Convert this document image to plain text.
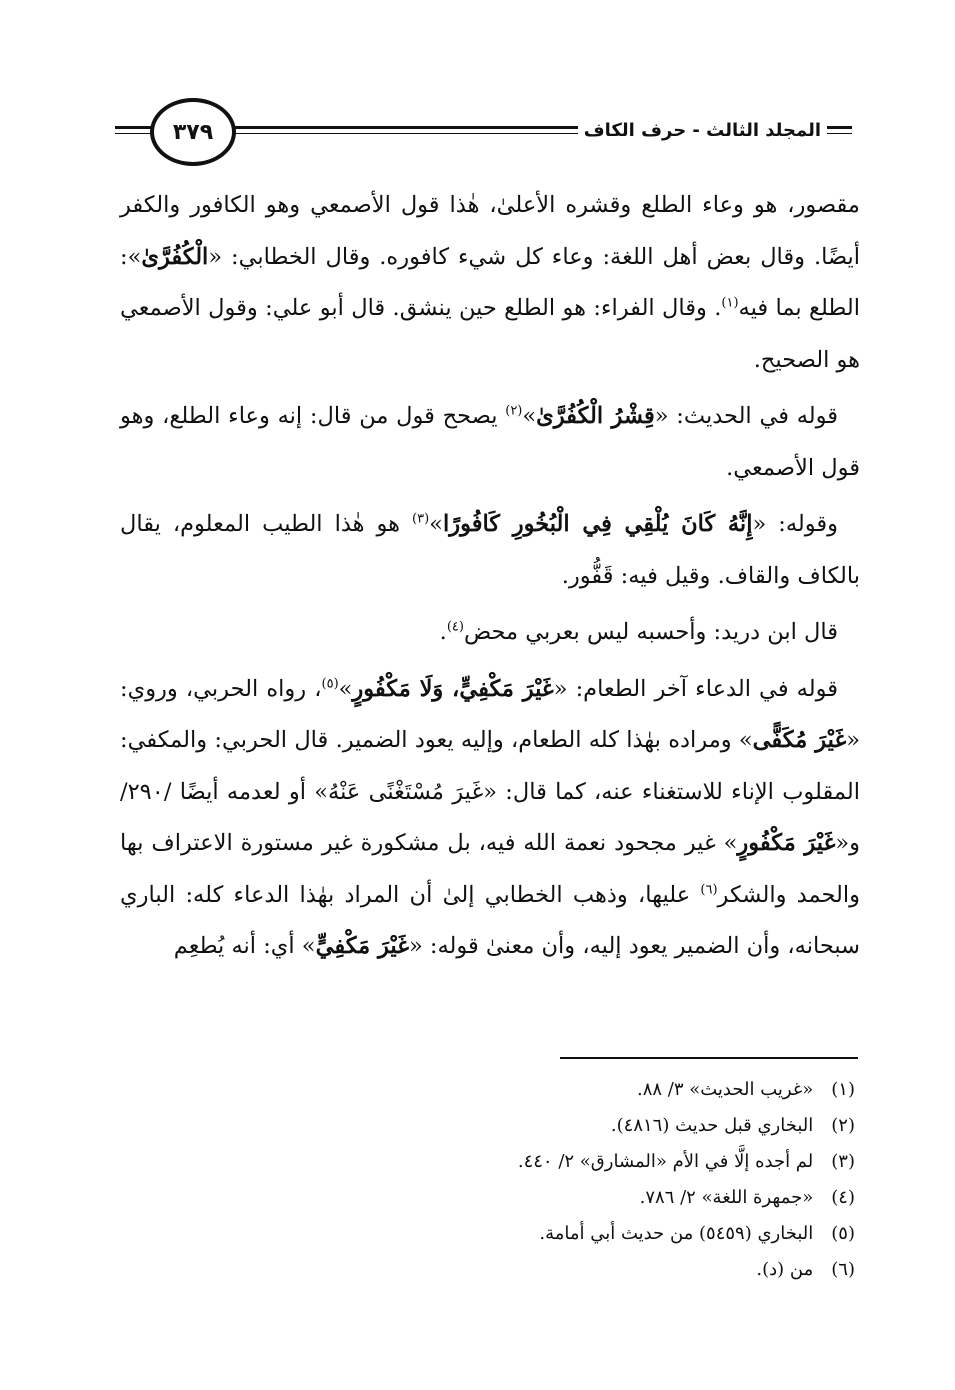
المجلد الثالث - حرف الكاف
٣٧٩

مقصور، هو وعاء الطلع وقشره الأعلىٰ، هٰذا قول الأصمعي وهو الكافور والكفر أيضًا. وقال بعض أهل اللغة: وعاء كل شيء كافوره. وقال الخطابي: «الْكُفُرَّىٰ»: الطلع بما فيه$^{(١)}$. وقال الفراء: هو الطلع حين ينشق. قال أبو علي: وقول الأصمعي هو الصحيح.

قوله في الحديث: «قِشْرُ الْكُفُرَّىٰ»$^{(٢)}$ يصحح قول من قال: إنه وعاء الطلع، وهو قول الأصمعي.

وقوله: «إِنَّهُ كَانَ يُلْقِي فِي الْبُخُورِ كَافُورًا»$^{(٣)}$ هو هٰذا الطيب المعلوم، يقال بالكاف والقاف. وقيل فيه: قَفُّور.

قال ابن دريد: وأحسبه ليس بعربي محض$^{(٤)}$.

قوله في الدعاء آخر الطعام: «غَيْرَ مَكْفِيٍّ، وَلَا مَكْفُورٍ»$^{(٥)}$، رواه الحربي، وروي: «غَيْرَ مُكَفًّى» ومراده بهٰذا كله الطعام، وإليه يعود الضمير. قال الحربي: والمكفي: المقلوب الإناء للاستغناء عنه، كما قال: «غَيرَ مُسْتَغْنًى عَنْهُ» أو لعدمه أيضًا /٢٩٠/ و«غَيْرَ مَكْفُورٍ» غير مجحود نعمة الله فيه، بل مشكورة غير مستورة الاعتراف بها والحمد والشكر$^{(٦)}$ عليها، وذهب الخطابي إلىٰ أن المراد بهٰذا الدعاء كله: الباري سبحانه، وأن الضمير يعود إليه، وأن معنىٰ قوله: «غَيْرَ مَكْفِيٍّ» أي: أنه يُطعِم

(١) «غريب الحديث» ٣/ ٨٨.
(٢) البخاري قبل حديث (٤٨١٦).
(٣) لم أجده إلَّا في الأم «المشارق» ٢/ ٤٤٠.
(٤) «جمهرة اللغة» ٢/ ٧٨٦.
(٥) البخاري (٥٤٥٩) من حديث أبي أمامة.
(٦) من (د).
